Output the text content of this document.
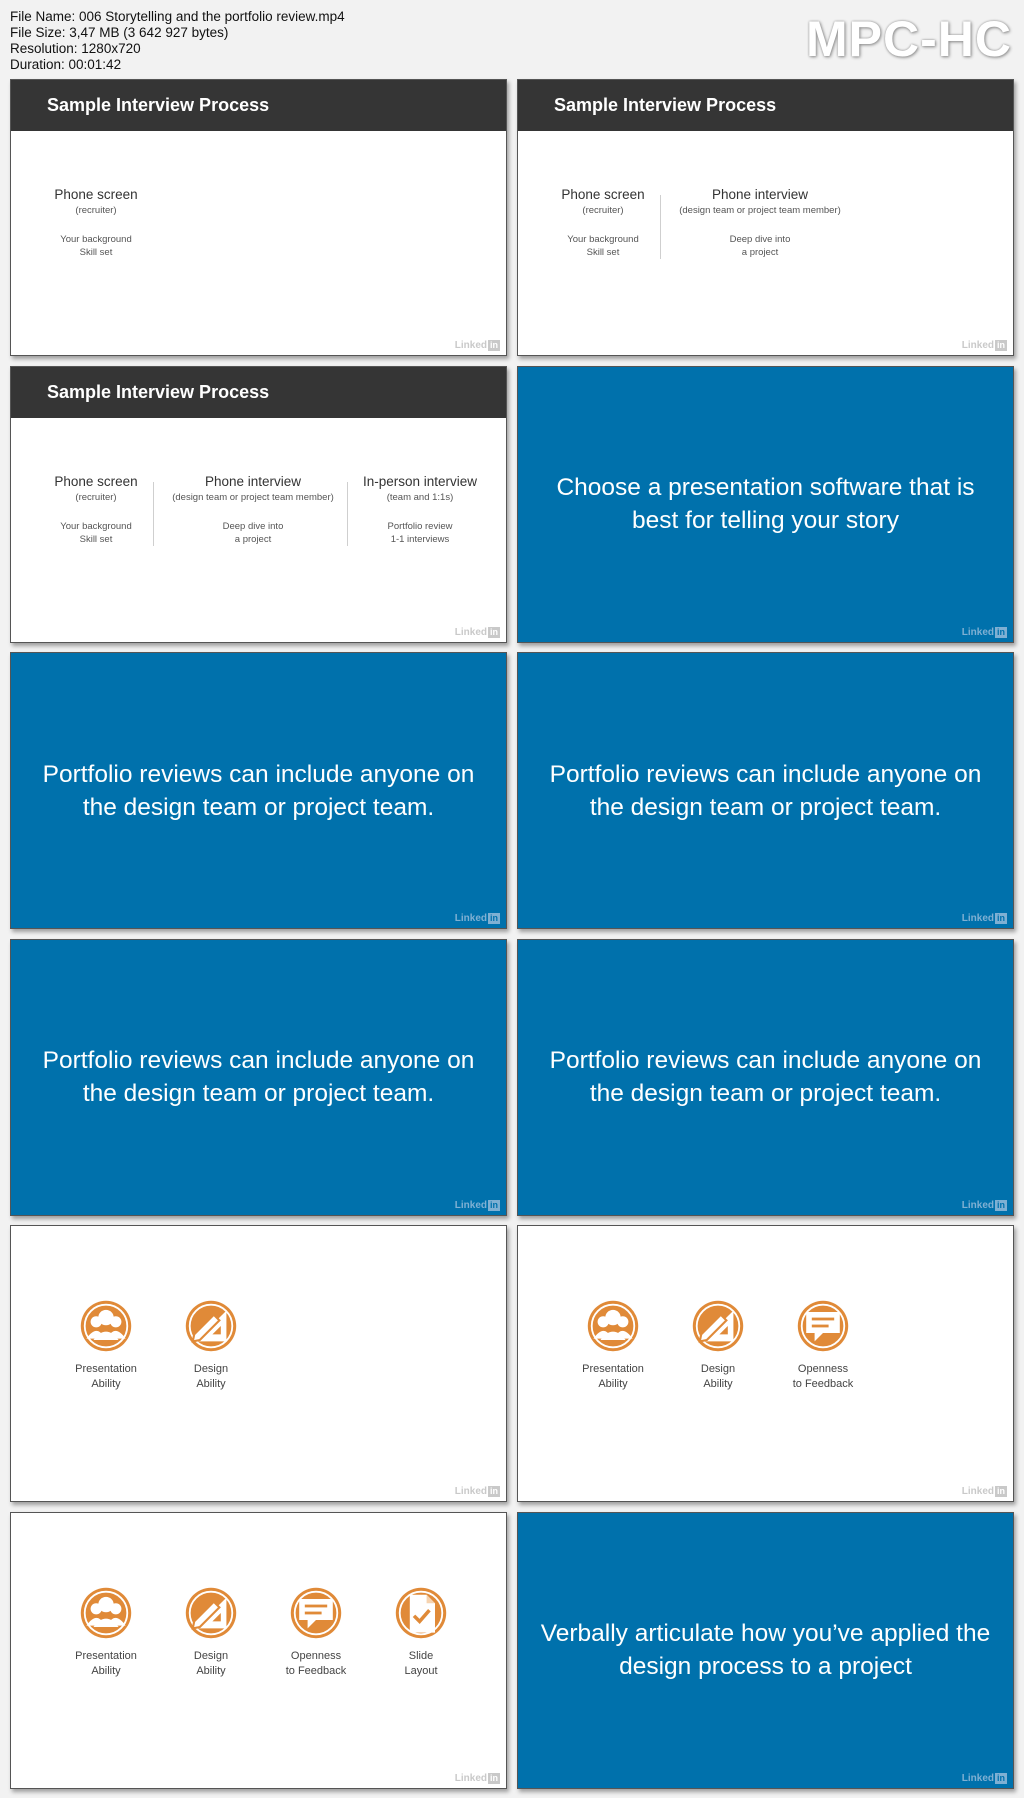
File Name: 006 Storytelling and the portfolio review.mp4
File Size: 3,47 MB (3 642 927 bytes)
Resolution: 1280x720
Duration: 00:01:42	MPC-HC
Sample Interview Process
Phone screen
(recruiter)
Your background
Skill set
Linked in
Sample Interview Process
Phone screen
(recruiter)
Your background
Skill set
Phone interview
(design team or project team member)
Deep dive into
a project
Linked in
Sample Interview Process
Phone screen
(recruiter)
Your background
Skill set
Phone interview
(design team or project team member)
Deep dive into
a project
In-person interview
(team and 1:1s)
Portfolio review
1-1 interviews
Linked in
Choose a presentation software that is best for telling your story
Linked in
Portfolio reviews can include anyone on the design team or project team.
Linked in
Portfolio reviews can include anyone on the design team or project team.
Linked in
Portfolio reviews can include anyone on the design team or project team.
Linked in
Portfolio reviews can include anyone on the design team or project team.
Linked in
Presentation
Ability
Design
Ability
Linked in
Presentation
Ability
Design
Ability
Openness
to Feedback
Linked in
Presentation
Ability
Design
Ability
Openness
to Feedback
Slide
Layout
Linked in
Verbally articulate how you’ve applied the design process to a project
Linked in
